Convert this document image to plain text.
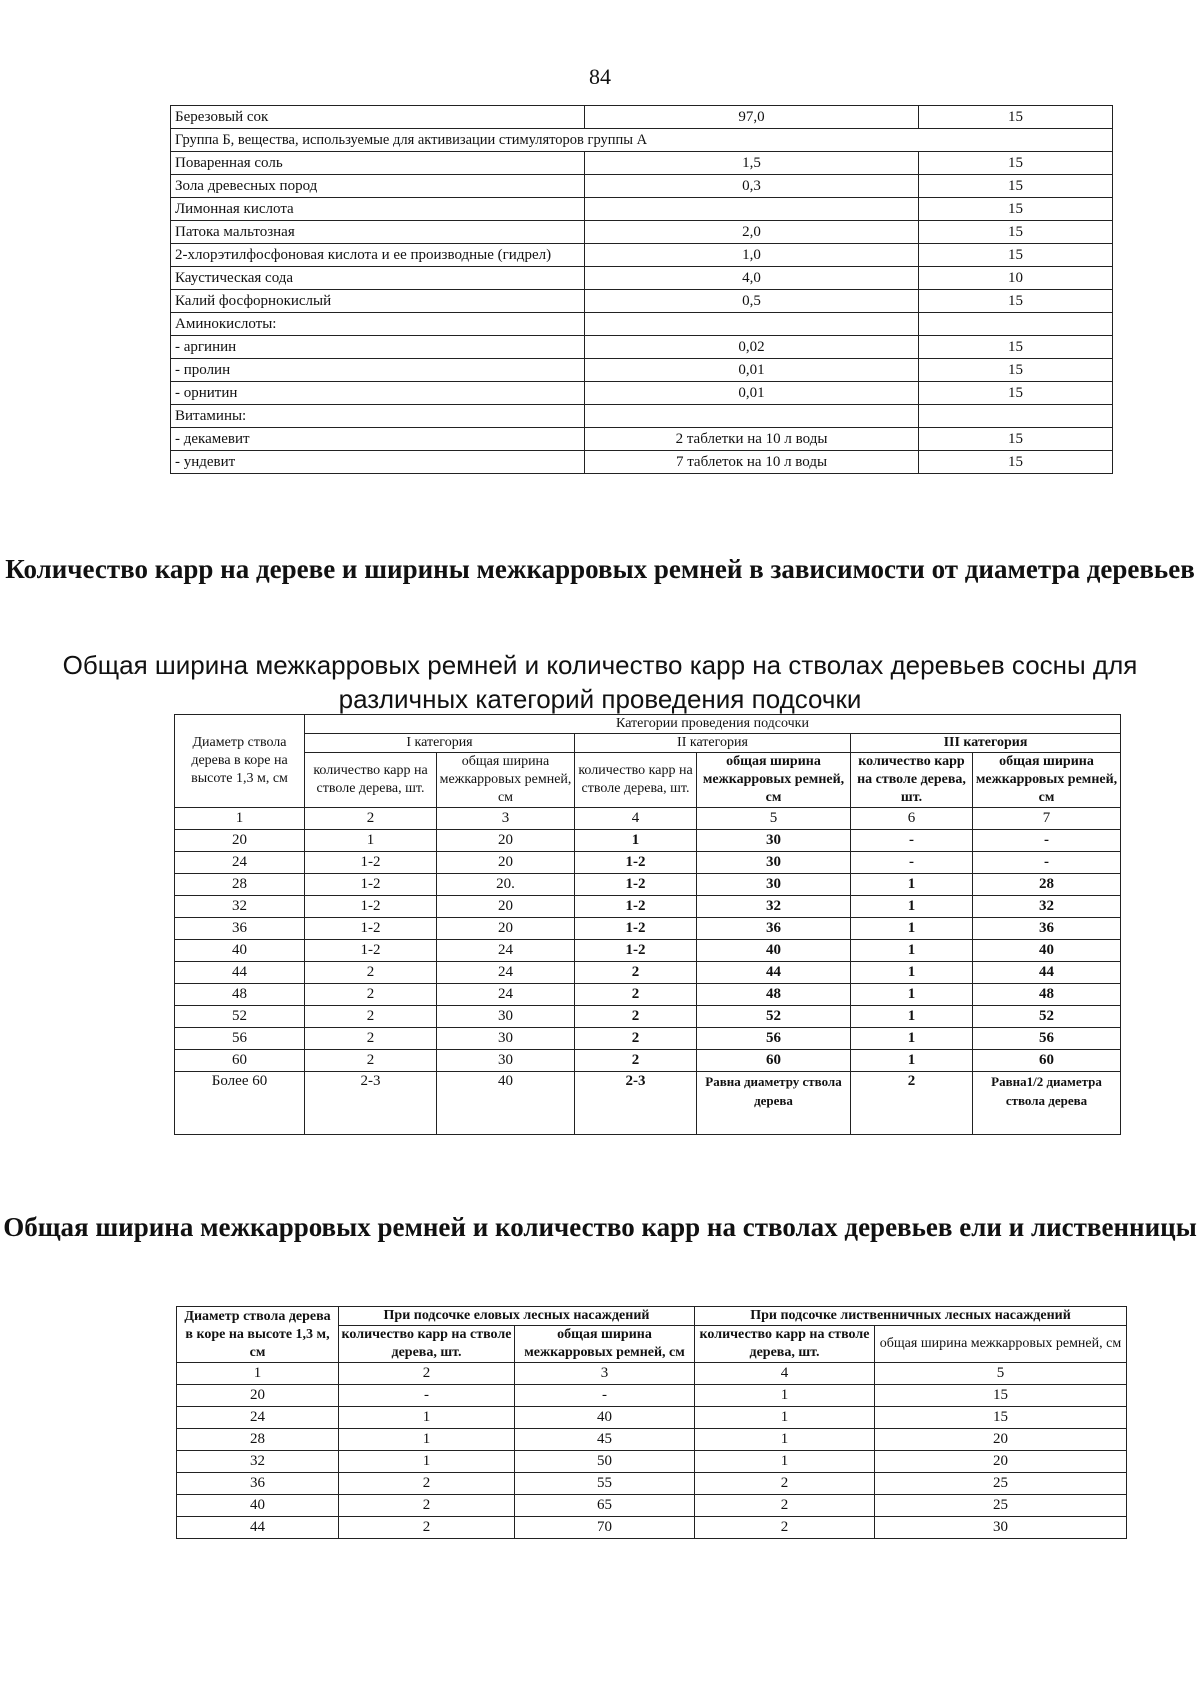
84
Березовый сок	97,0	15
Группа Б, вещества, используемые для активизации стимуляторов группы А		
Поваренная соль	1,5	15
Зола древесных пород	0,3	15
Лимонная кислота		15
Патока мальтозная	2,0	15
2-хлорэтилфосфоновая кислота и ее производные (гидрел)	1,0	15
Каустическая сода	4,0	10
Калий фосфорнокислый	0,5	15
Аминокислоты:		
- аргинин	0,02	15
- пролин	0,01	15
- орнитин	0,01	15
Витамины:		
- декамевит	2 таблетки на 10 л воды	15
- ундевит	7 таблеток на 10 л воды	15
Количество карр на дереве и ширины межкарровых ремней в зависимости от диаметра деревьев
Общая ширина межкарровых ремней и количество карр на стволах деревьев сосны для различных категорий проведения подсочки
Диаметр ствола дерева в коре на высоте 1,3 м, см	Категории проведения подсочки					
	I категория		II категория		III категория	
	количество карр на стволе дерева, шт.	общая ширина межкарровых ремней, см	количество карр на стволе дерева, шт.	общая ширина межкарровых ремней, см	количество карр на стволе дерева, шт.	общая ширина межкарровых ремней, см
1	2	3	4	5	6	7
20	1	20	1	30	-	-
24	1-2	20	1-2	30	-	-
28	1-2	20.	1-2	30	1	28
32	1-2	20	1-2	32	1	32
36	1-2	20	1-2	36	1	36
40	1-2	24	1-2	40	1	40
44	2	24	2	44	1	44
48	2	24	2	48	1	48
52	2	30	2	52	1	52
56	2	30	2	56	1	56
60	2	30	2	60	1	60
Более 60	2-3	40	2-3	Равна диаметру ствола дерева	2	Равна1/2 диаметра ствола дерева
Общая ширина межкарровых ремней и количество карр на стволах деревьев ели и лиственницы
Диаметр ствола дерева в коре на высоте 1,3 м, см	При подсочке еловых лесных насаждений		При подсочке лиственничных лесных насаждений	
	количество карр на стволе дерева, шт.	общая ширина межкарровых ремней, см	количество карр на стволе дерева, шт.	общая ширина межкарровых ремней, см
1	2	3	4	5
20	-	-	1	15
24	1	40	1	15
28	1	45	1	20
32	1	50	1	20
36	2	55	2	25
40	2	65	2	25
44	2	70	2	30
